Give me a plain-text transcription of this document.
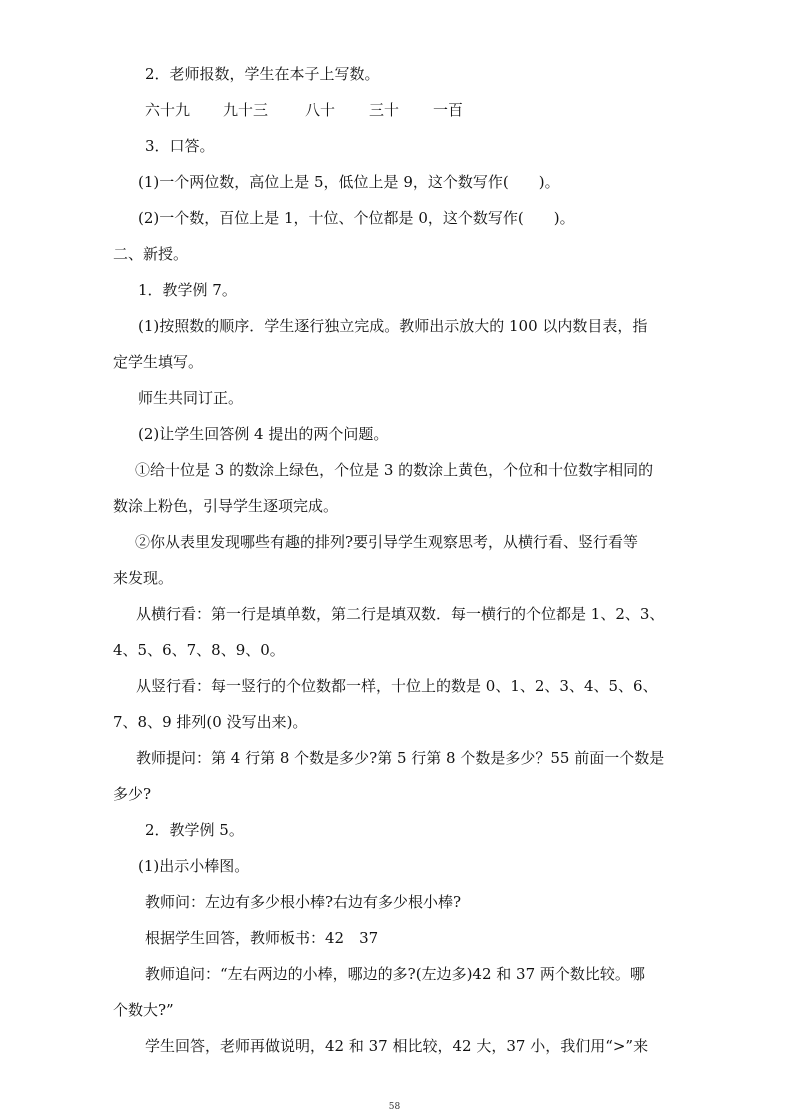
2．老师报数，学生在本子上写数。
六十九 九十三 八十 三十 一百
3．口答。
(1)一个两位数，高位上是 5，低位上是 9，这个数写作(　　)。
(2)一个数，百位上是 1，十位、个位都是 0，这个数写作(　　)。
二、新授。
1．教学例 7。
(1)按照数的顺序．学生逐行独立完成。教师出示放大的 100 以内数目表，指
定学生填写。
师生共同订正。
(2)让学生回答例 4 提出的两个问题。
①给十位是 3 的数涂上绿色，个位是 3 的数涂上黄色，个位和十位数字相同的
数涂上粉色，引导学生逐项完成。
②你从表里发现哪些有趣的排列?要引导学生观察思考，从横行看、竖行看等
来发现。
从横行看：第一行是填单数，第二行是填双数．每一横行的个位都是 1、2、3、
4、5、6、7、8、9、0。
从竖行看：每一竖行的个位数都一样，十位上的数是 0、1、2、3、4、5、6、
7、8、9 排列(0 没写出来)。
教师提问：第 4 行第 8 个数是多少?第 5 行第 8 个数是多少？55 前面一个数是
多少?
2．教学例 5。
(1)出示小棒图。
教师问：左边有多少根小棒?右边有多少根小棒?
根据学生回答，教师板书：42　37
教师追问：“左右两边的小棒，哪边的多?(左边多)42 和 37 两个数比较。哪
个数大?”
学生回答，老师再做说明，42 和 37 相比较，42 大，37 小，我们用“>”来
58
